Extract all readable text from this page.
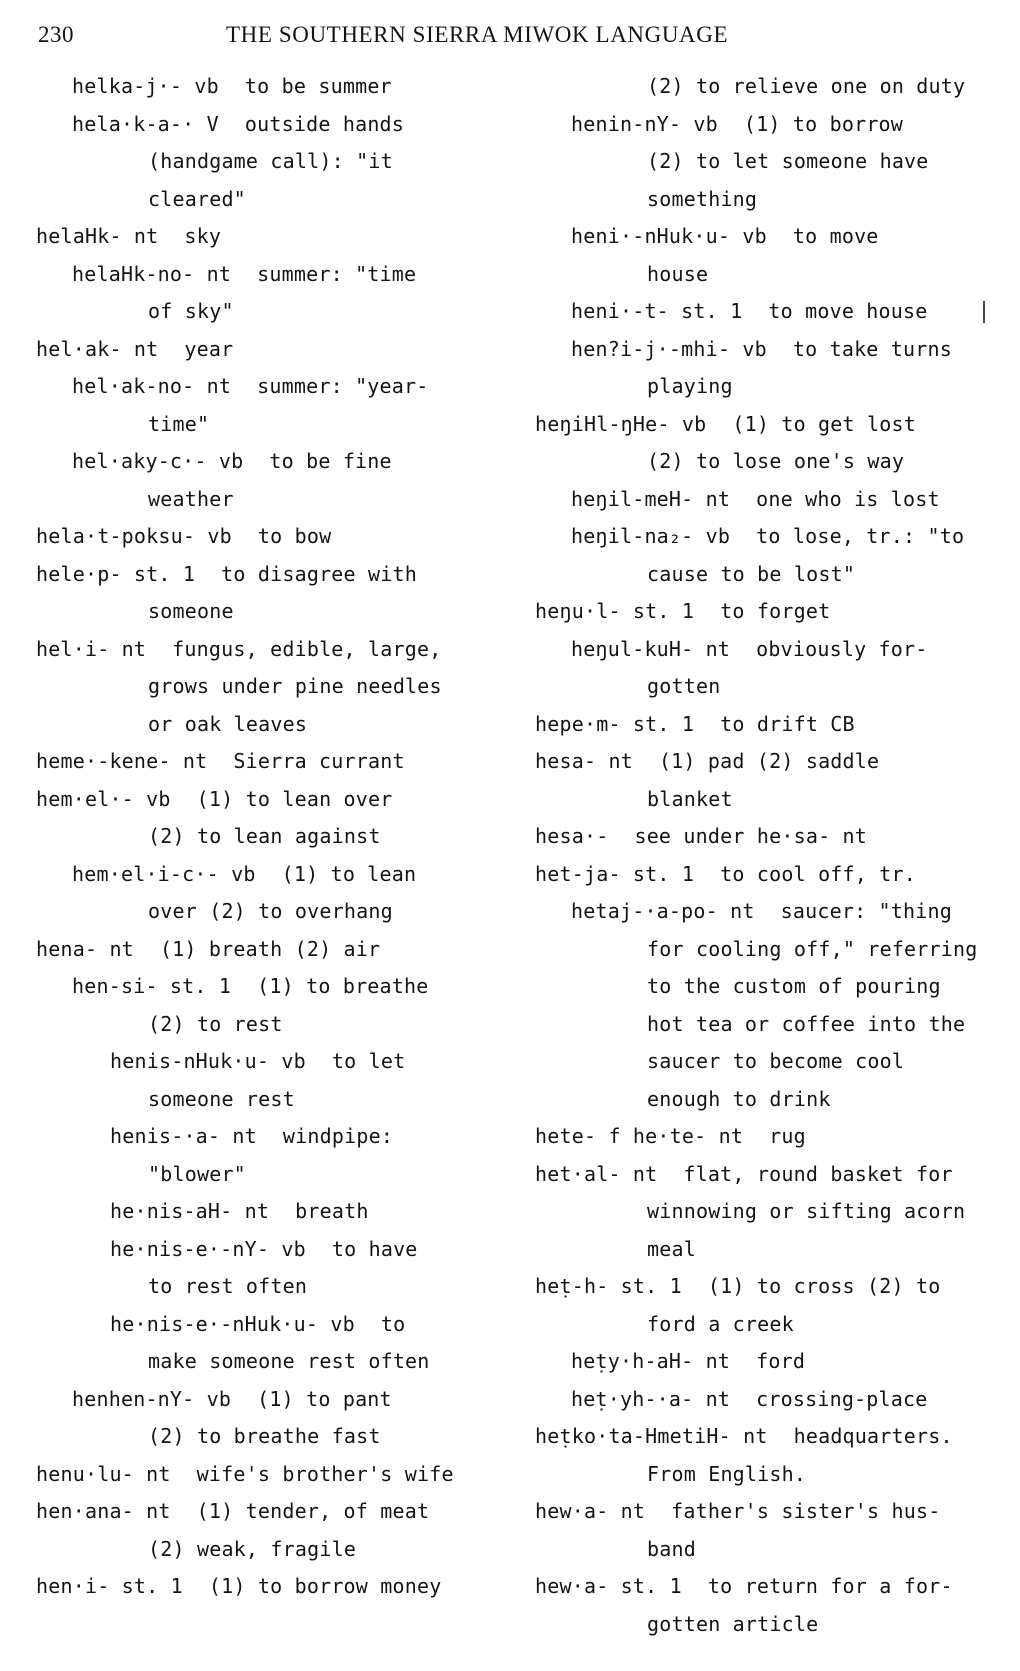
230	THE SOUTHERN SIERRA MIWOK LANGUAGE
helka-j·- vb to be summer
hela·k-a-· V outside hands
(handgame call): "it
cleared"
helaHk- nt sky
helaHk-no- nt summer: "time
of sky"
hel·ak- nt year
hel·ak-no- nt summer: "year-
time"
hel·aky-c·- vb to be fine
weather
hela·t-poksu- vb to bow
hele·p- st. 1 to disagree with
someone
hel·i- nt fungus, edible, large,
grows under pine needles
or oak leaves
heme·-kene- nt Sierra currant
hem·el·- vb (1) to lean over
(2) to lean against
hem·el·i-c·- vb (1) to lean
over (2) to overhang
hena- nt (1) breath (2) air
hen-si- st. 1 (1) to breathe
(2) to rest
henis-nHuk·u- vb to let
someone rest
henis-·a- nt windpipe:
"blower"
he·nis-aH- nt breath
he·nis-e·-nY- vb to have
to rest often
he·nis-e·-nHuk·u- vb to
make someone rest often
henhen-nY- vb (1) to pant
(2) to breathe fast
henu·lu- nt wife's brother's wife
hen·ana- nt (1) tender, of meat
(2) weak, fragile
hen·i- st. 1 (1) to borrow money
(2) to relieve one on duty
henin-nY- vb (1) to borrow
(2) to let someone have
something
heni·-nHuk·u- vb to move
house
heni·-t- st. 1 to move house
hen?i-j·-mhi- vb to take turns
playing
heŋiHl-ŋHe- vb (1) to get lost
(2) to lose one's way
heŋil-meH- nt one who is lost
heŋil-na₂- vb to lose, tr.: "to
cause to be lost"
heŋu·l- st. 1 to forget
heŋul-kuH- nt obviously for-
gotten
hepe·m- st. 1 to drift CB
hesa- nt (1) pad (2) saddle
blanket
hesa·- see under he·sa- nt
het-ja- st. 1 to cool off, tr.
hetaj-·a-po- nt saucer: "thing
for cooling off," referring
to the custom of pouring
hot tea or coffee into the
saucer to become cool
enough to drink
hete- f he·te- nt rug
het·al- nt flat, round basket for
winnowing or sifting acorn
meal
heṭ-h- st. 1 (1) to cross (2) to
ford a creek
heṭy·h-aH- nt ford
heṭ·yh-·a- nt crossing-place
heṭko·ta-HmetiH- nt headquarters.
From English.
hew·a- nt father's sister's hus-
band
hew·a- st. 1 to return for a for-
gotten article
